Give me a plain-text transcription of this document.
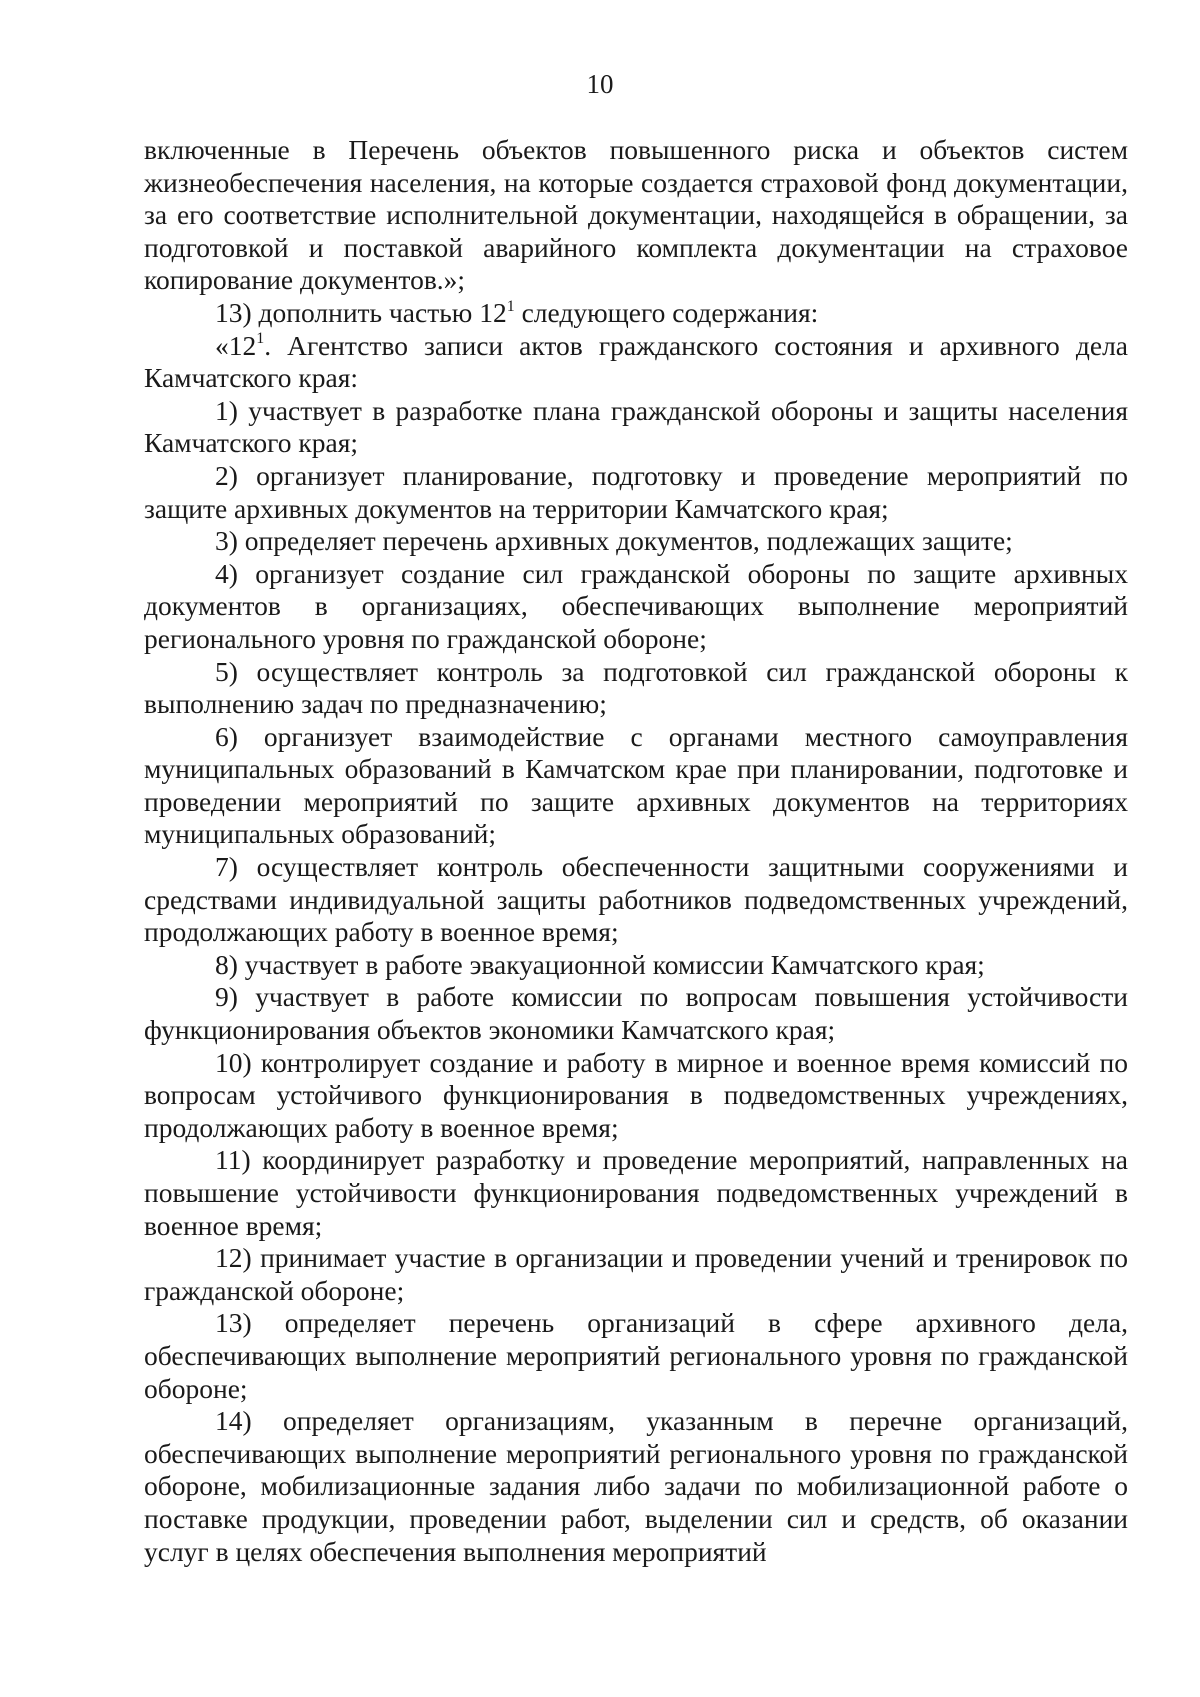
10

включенные в Перечень объектов повышенного риска и объектов систем жизнеобеспечения населения, на которые создается страховой фонд документации, за его соответствие исполнительной документации, находящейся в обращении, за подготовкой и поставкой аварийного комплекта документации на страховое копирование документов.»;

13) дополнить частью $12^1$ следующего содержания:

«$12^1$. Агентство записи актов гражданского состояния и архивного дела Камчатского края:

1) участвует в разработке плана гражданской обороны и защиты населения Камчатского края;

2) организует планирование, подготовку и проведение мероприятий по защите архивных документов на территории Камчатского края;

3) определяет перечень архивных документов, подлежащих защите;

4) организует создание сил гражданской обороны по защите архивных документов в организациях, обеспечивающих выполнение мероприятий регионального уровня по гражданской обороне;

5) осуществляет контроль за подготовкой сил гражданской обороны к выполнению задач по предназначению;

6) организует взаимодействие с органами местного самоуправления муниципальных образований в Камчатском крае при планировании, подготовке и проведении мероприятий по защите архивных документов на территориях муниципальных образований;

7) осуществляет контроль обеспеченности защитными сооружениями и средствами индивидуальной защиты работников подведомственных учреждений, продолжающих работу в военное время;

8) участвует в работе эвакуационной комиссии Камчатского края;

9) участвует в работе комиссии по вопросам повышения устойчивости функционирования объектов экономики Камчатского края;

10) контролирует создание и работу в мирное и военное время комиссий по вопросам устойчивого функционирования в подведомственных учреждениях, продолжающих работу в военное время;

11) координирует разработку и проведение мероприятий, направленных на повышение устойчивости функционирования подведомственных учреждений в военное время;

12) принимает участие в организации и проведении учений и тренировок по гражданской обороне;

13) определяет перечень организаций в сфере архивного дела, обеспечивающих выполнение мероприятий регионального уровня по гражданской обороне;

14) определяет организациям, указанным в перечне организаций, обеспечивающих выполнение мероприятий регионального уровня по гражданской обороне, мобилизационные задания либо задачи по мобилизационной работе о поставке продукции, проведении работ, выделении сил и средств, об оказании услуг в целях обеспечения выполнения мероприятий
